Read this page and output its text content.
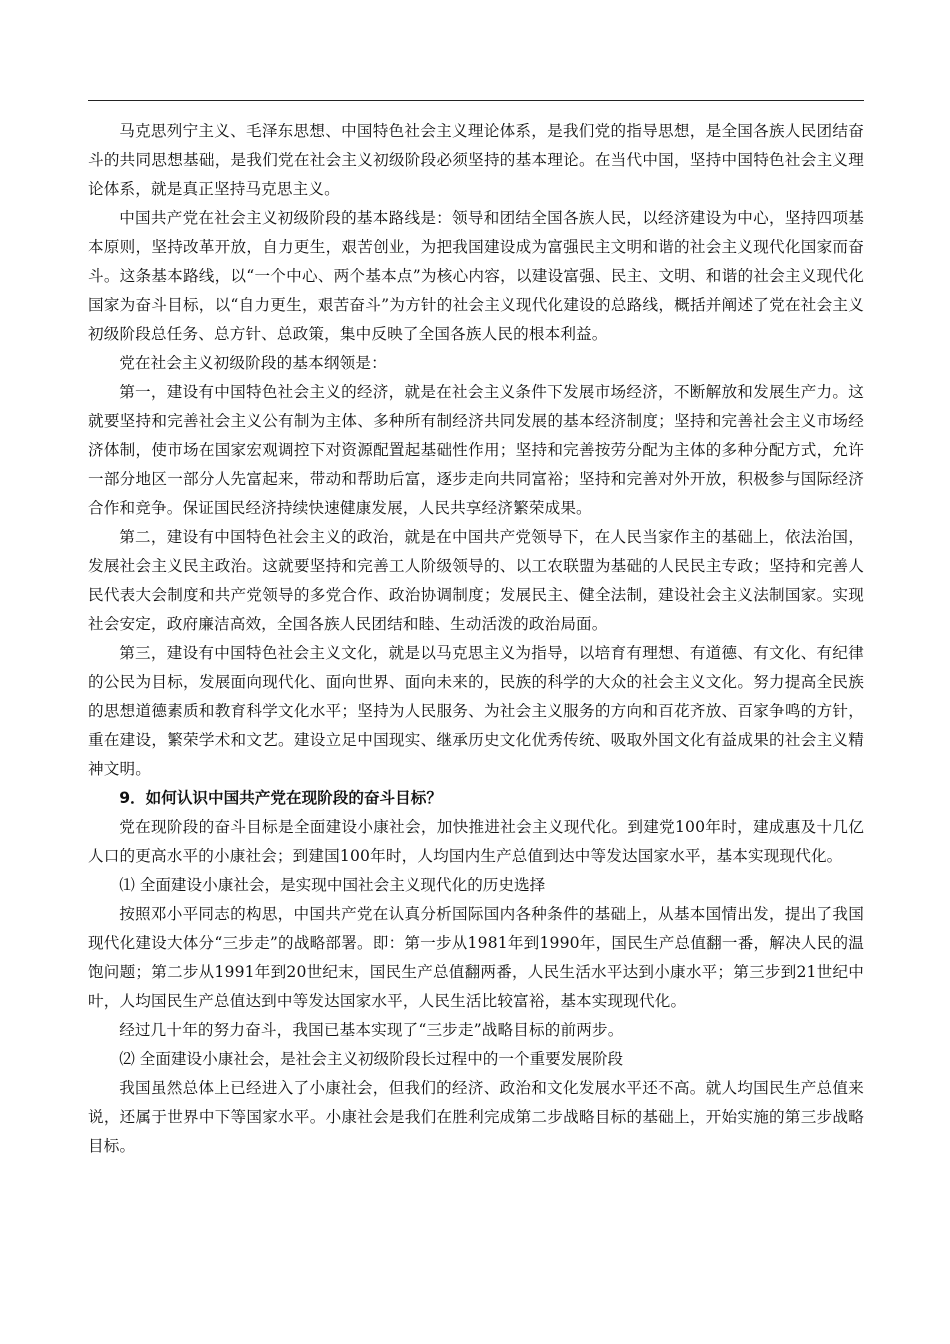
马克思列宁主义、毛泽东思想、中国特色社会主义理论体系，是我们党的指导思想，是全国各族人民团结奋斗的共同思想基础，是我们党在社会主义初级阶段必须坚持的基本理论。在当代中国，坚持中国特色社会主义理论体系，就是真正坚持马克思主义。

中国共产党在社会主义初级阶段的基本路线是：领导和团结全国各族人民，以经济建设为中心，坚持四项基本原则，坚持改革开放，自力更生，艰苦创业，为把我国建设成为富强民主文明和谐的社会主义现代化国家而奋斗。这条基本路线，以“一个中心、两个基本点”为核心内容，以建设富强、民主、文明、和谐的社会主义现代化国家为奋斗目标，以“自力更生，艰苦奋斗”为方针的社会主义现代化建设的总路线，概括并阐述了党在社会主义初级阶段总任务、总方针、总政策，集中反映了全国各族人民的根本利益。

党在社会主义初级阶段的基本纲领是：

第一，建设有中国特色社会主义的经济，就是在社会主义条件下发展市场经济，不断解放和发展生产力。这就要坚持和完善社会主义公有制为主体、多种所有制经济共同发展的基本经济制度；坚持和完善社会主义市场经济体制，使市场在国家宏观调控下对资源配置起基础性作用；坚持和完善按劳分配为主体的多种分配方式，允许一部分地区一部分人先富起来，带动和帮助后富，逐步走向共同富裕；坚持和完善对外开放，积极参与国际经济合作和竞争。保证国民经济持续快速健康发展，人民共享经济繁荣成果。

第二，建设有中国特色社会主义的政治，就是在中国共产党领导下，在人民当家作主的基础上，依法治国，发展社会主义民主政治。这就要坚持和完善工人阶级领导的、以工农联盟为基础的人民民主专政；坚持和完善人民代表大会制度和共产党领导的多党合作、政治协调制度；发展民主、健全法制，建设社会主义法制国家。实现社会安定，政府廉洁高效，全国各族人民团结和睦、生动活泼的政治局面。

第三，建设有中国特色社会主义文化，就是以马克思主义为指导，以培育有理想、有道德、有文化、有纪律的公民为目标，发展面向现代化、面向世界、面向未来的，民族的科学的大众的社会主义文化。努力提高全民族的思想道德素质和教育科学文化水平；坚持为人民服务、为社会主义服务的方向和百花齐放、百家争鸣的方针，重在建设，繁荣学术和文艺。建设立足中国现实、继承历史文化优秀传统、吸取外国文化有益成果的社会主义精神文明。

9．如何认识中国共产党在现阶段的奋斗目标？

党在现阶段的奋斗目标是全面建设小康社会，加快推进社会主义现代化。到建党100年时，建成惠及十几亿人口的更高水平的小康社会；到建国100年时，人均国内生产总值到达中等发达国家水平，基本实现现代化。

⑴ 全面建设小康社会，是实现中国社会主义现代化的历史选择

按照邓小平同志的构思，中国共产党在认真分析国际国内各种条件的基础上，从基本国情出发，提出了我国现代化建设大体分“三步走”的战略部署。即：第一步从1981年到1990年，国民生产总值翻一番，解决人民的温饱问题；第二步从1991年到20世纪末，国民生产总值翻两番，人民生活水平达到小康水平；第三步到21世纪中叶，人均国民生产总值达到中等发达国家水平，人民生活比较富裕，基本实现现代化。

经过几十年的努力奋斗，我国已基本实现了“三步走”战略目标的前两步。

⑵ 全面建设小康社会，是社会主义初级阶段长过程中的一个重要发展阶段

我国虽然总体上已经进入了小康社会，但我们的经济、政治和文化发展水平还不高。就人均国民生产总值来说，还属于世界中下等国家水平。小康社会是我们在胜利完成第二步战略目标的基础上，开始实施的第三步战略目标。
